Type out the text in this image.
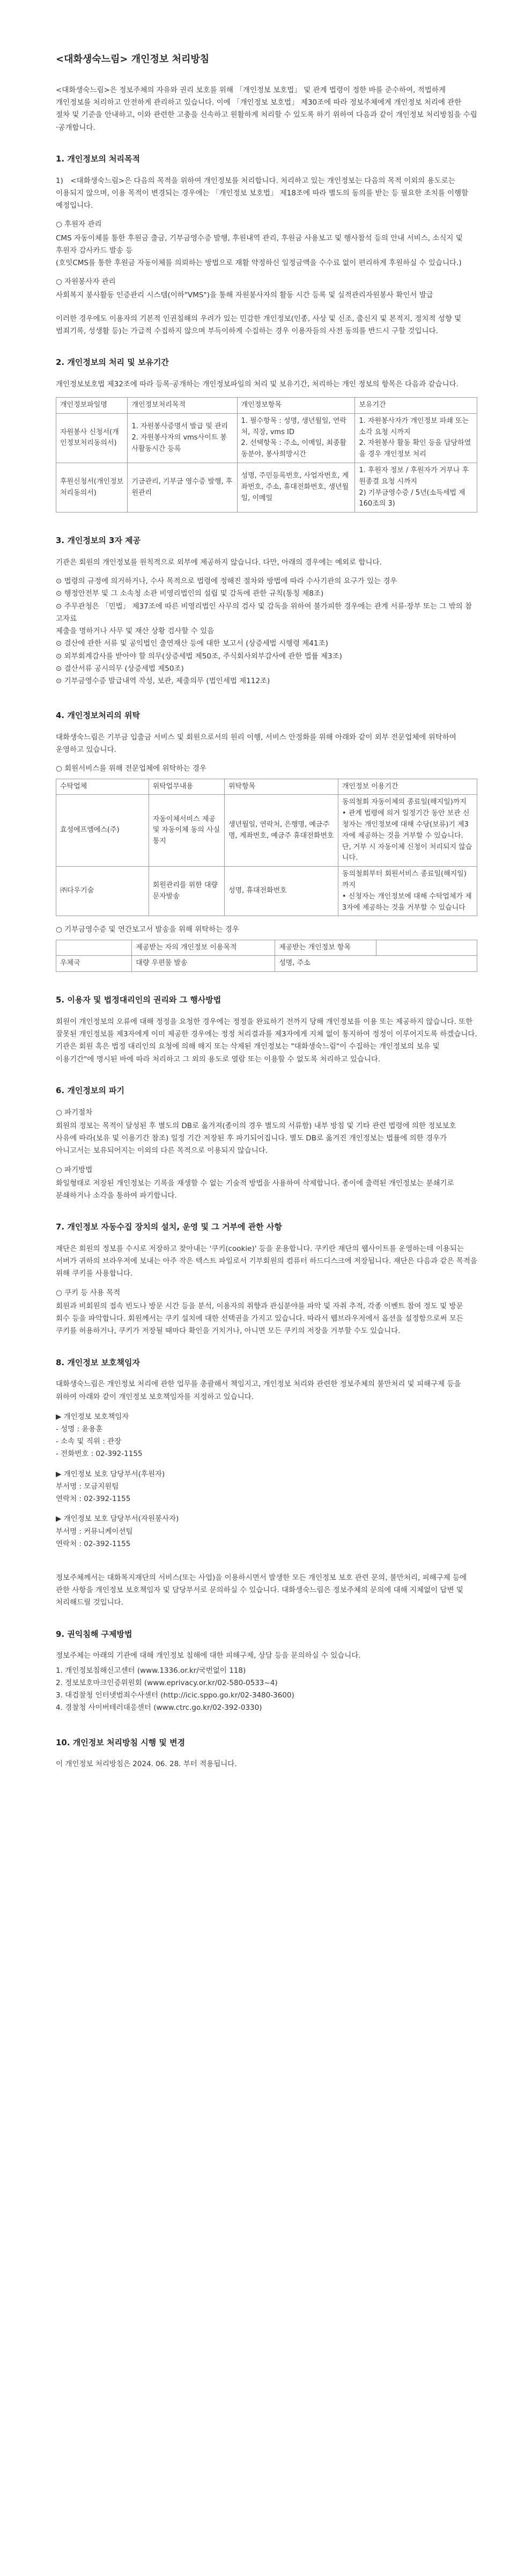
<대화생숙느림> 개인정보 처리방침

<대화생숙느림>은 정보주체의 자유와 권리 보호를 위해 「개인정보 보호법」 및 관계 법령이 정한 바를 준수하여, 적법하게 개인정보를 처리하고 안전하게 관리하고 있습니다. 이에 「개인정보 보호법」 제30조에 따라 정보주체에게 개인정보 처리에 관한 절차 및 기준을 안내하고, 이와 관련한 고충을 신속하고 원활하게 처리할 수 있도록 하기 위하여 다음과 같이 개인정보 처리방침을 수립·공개합니다.

1. 개인정보의 처리목적

1)　<대화생숙느림>은 다음의 목적을 위하여 개인정보를 처리합니다. 처리하고 있는 개인정보는 다음의 목적 이외의 용도로는 이용되지 않으며, 이용 목적이 변경되는 경우에는 「개인정보 보호법」 제18조에 따라 별도의 동의를 받는 등 필요한 조치를 이행할 예정입니다.

○ 후원자 관리

CMS 자동이체를 통한 후원금 출금, 기부금영수증 발행, 후원내역 관리, 후원금 사용보고 및 행사참석 등의 안내 서비스, 소식지 및 후원자 감사카드 발송 등

(호잇CMS를 통한 후원금 자동이체를 의뢰하는 방법으로 재활 약정하신 일정금액을 수수료 없이 편리하게 후원하실 수 있습니다.)

○ 자원봉사자 관리

사회복지 봉사활동 인증관리 시스템(이하"VMS")을 통해 자원봉사자의 활동 시간 등록 및 실적관리자원봉사 확인서 발급

이러한 경우에도 이용자의 기본적 인권침해의 우려가 있는 민감한 개인정보(인종, 사상 및 신조, 출신지 및 본적지, 정치적 성향 및 범죄기록, 성생활 등)는 가급적 수집하지 않으며 부득이하게 수집하는 경우 이용자들의 사전 동의를 반드시 구할 것입니다.

2. 개인정보의 처리 및 보유기간

개인정보보호법 제32조에 따라 등록·공개하는 개인정보파일의 처리 및 보유기간, 처리하는 개인 정보의 항목은 다음과 같습니다.

개인정보파일명	개인정보처리목적	개인정보항목	보유기간
자원봉사 신청서(개인정보처리동의서)	1. 자원봉사증명서 발급 및 관리
2. 자원봉사자의 vms사이트 봉사활동시간 등록	1. 필수항목 : 성명, 생년월일, 연락처, 직장, vms ID
2. 선택항목 : 주소, 이메일, 최종활동분야, 봉사희망시간	1. 자원봉사자가 개인정보 파쇄 또는 소각 요청 시까지
2. 자원봉사 활동 확인 등을 담당하였을 경우 개인정보 처리
후원신청서(개인정보처리동의서)	기금관리, 기부금 영수증 발행, 후원관리	성명, 주민등록번호, 사업자번호, 계좌번호, 주소, 휴대전화번호, 생년월일, 이메일	1. 후원자 정보 / 후원자가 거부나 후원종결 요청 시까지
2) 기부금영수증 / 5년(소득세법 제160조의 3)
3. 개인정보의 3자 제공

기관은 회원의 개인정보를 원칙적으로 외부에 제공하지 않습니다. 다만, 아래의 경우에는 예외로 합니다.

⊙ 법령의 규정에 의거하거나, 수사 목적으로 법령에 정해진 절차와 방법에 따라 수사기관의 요구가 있는 경우
⊙ 행정안전부 및 그 소속청 소관 비영리법인의 설립 및 감독에 관한 규칙(통칭 제8조)
⊙ 주무관청은 「민법」 제37조에 따른 비영리법인 사무의 검사 및 감독을 위하여 불가피한 경우에는 관계 서류·장부 또는 그 밖의 참고자료
제출을 명하거나 사무 및 재산 상황 검사할 수 있음
⊙ 결산에 관한 서류 및 공익법인 출연재산 등에 대한 보고서 (상증세법 시행령 제41조)
⊙ 외부회계감사를 받아야 할 의무(상증세법 제50조, 주식회사외부감사에 관한 법률 제3조)
⊙ 결산서류 공시의무 (상증세법 제50조)
⊙ 기부금영수증 발급내역 작성, 보관, 제출의무 (법인세법 제112조)
4. 개인정보처리의 위탁

대화생숙느림은 기부금 입출금 서비스 및 회원으로서의 원리 이행, 서비스 안정화를 위해 아래와 같이 외부 전문업체에 위탁하여 운영하고 있습니다.

○ 회원서비스를 위해 전문업체에 위탁하는 경우
수탁업체	위탁업무내용	위탁항목	개인정보 이용기간
효성에프엠에스(주)	자동이체서비스 제공 및 자동이체 동의 사실 통지	생년월일, 연락처, 은행명, 예금주명, 계좌번호, 예금주 휴대전화번호	동의철회 자동이체의 종료일(해지일)까지
• 관계 법령에 의거 일정기간 동안 보관 신청자는 개인정보에 대해 수당(보류)기 제3자에 제공하는 것을 거부할 수 있습니다. 단, 거부 시 자동이체 신청이 처리되지 않습니다.
㈜다우기술	회원관리를 위한 대량 문자발송	성명, 휴대전화번호	동의철회부터 회원서비스 종료일(해지일)까지
• 신청자는 개인정보에 대해 수탁업체가 제3자에 제공하는 것을 거부할 수 있습니다
○ 기부금영수증 및 연간보고서 발송을 위해 위탁하는 경우
	제공받는 자의 개인정보 이용목적	제공받는 개인정보 항목	
우체국	대량 우편물 발송	성명, 주소	
5. 이용자 및 법정대리인의 권리와 그 행사방법

회원이 개인정보의 오류에 대해 정정을 요청한 경우에는 정정을 완료하기 전까지 당해 개인정보를 이용 또는 제공하지 않습니다. 또한 잘못된 개인정보를 제3자에게 이미 제공한 경우에는 정정 처리결과를 제3자에게 지체 없이 통지하여 정정이 이루어지도록 하겠습니다. 기관은 회원 혹은 법정 대리인의 요청에 의해 해지 또는 삭제된 개인정보는 "대화생숙느림"이 수집하는 개인정보의 보유 및 이용기간"에 명시된 바에 따라 처리하고 그 외의 용도로 열람 또는 이용할 수 없도록 처리하고 있습니다.

6. 개인정보의 파기
○ 파기절차

회원의 정보는 목적이 달성된 후 별도의 DB로 옮겨져(종이의 경우 별도의 서류함) 내부 방침 및 기타 관련 법령에 의한 정보보호 사유에 따라(보유 및 이용기간 참조) 일정 기간 저장된 후 파기되어집니다. 별도 DB로 옮겨진 개인정보는 법률에 의한 경우가 아니고서는 보유되어지는 이외의 다른 목적으로 이용되지 않습니다.

○ 파기방법

화일형태로 저장된 개인정보는 기록을 재생할 수 없는 기술적 방법을 사용하여 삭제합니다. 종이에 출력된 개인정보는 분쇄기로 분쇄하거나 소각을 통하여 파기합니다.

7. 개인정보 자동수집 장치의 설치, 운영 및 그 거부에 관한 사항

재단은 회원의 정보를 수시로 저장하고 찾아내는 '쿠키(cookie)' 등을 운용합니다. 쿠키란 재단의 웹사이트를 운영하는데 이용되는 서버가 귀하의 브라우저에 보내는 아주 작은 텍스트 파일로서 기부회원의 컴퓨터 하드디스크에 저장됩니다. 재단은 다음과 같은 목적을 위해 쿠키를 사용합니다.

○ 쿠키 등 사용 목적

회원과 비회원의 접속 빈도나 방문 시간 등을 분석, 이용자의 취향과 관심분야를 파악 및 자취 추적, 각종 이벤트 참여 정도 및 방문 회수 등을 파악합니다. 회원께서는 쿠키 설치에 대한 선택권을 가지고 있습니다. 따라서 웹브라우저에서 옵션을 설정함으로써 모든 쿠키를 허용하거나, 쿠키가 저장될 때마다 확인을 거치거나, 아니면 모든 쿠키의 저장을 거부할 수도 있습니다.

8. 개인정보 보호책임자

대화생숙느림은 개인정보 처리에 관한 업무를 총괄해서 책임지고, 개인정보 처리와 관련한 정보주체의 불만처리 및 피해구제 등을 위하여 아래와 같이 개인정보 보호책임자를 지정하고 있습니다.

▶ 개인정보 보호책임자
- 성명 : 윤용훈
- 소속 및 직위 : 관장
- 전화번호 : 02-392-1155
▶ 개인정보 보호 담당부서(후원자)
부서명 : 모금지원팀
연락처 : 02-392-1155
▶ 개인정보 보호 담당부서(자원봉사자)
부서명 : 커뮤니케이션팀
연락처 : 02-392-1155

정보주체께서는 대화복지재단의 서비스(또는 사업)을 이용하시면서 발생한 모든 개인정보 보호 관련 문의, 불만처리, 피해구제 등에 관한 사항을 개인정보 보호책임자 및 담당부서로 문의하실 수 있습니다. 대화생숙느림은 정보주체의 문의에 대해 지체없이 답변 및 처리해드릴 것입니다.

9. 권익침해 구제방법

정보주체는 아래의 기관에 대해 개인정보 침해에 대한 피해구제, 상담 등을 문의하실 수 있습니다.

1. 개인정보침해신고센터 (www.1336.or.kr/국번없이 118)
2. 정보보호마크인증위원회 (www.eprivacy.or.kr/02-580-0533~4)
3. 대검찰청 인터넷범죄수사센터 (http://icic.sppo.go.kr/02-3480-3600)
4. 경찰청 사이버테러대응센터 (www.ctrc.go.kr/02-392-0330)
10. 개인정보 처리방침 시행 및 변경

이 개인정보 처리방침은 2024. 06. 28. 부터 적용됩니다.
